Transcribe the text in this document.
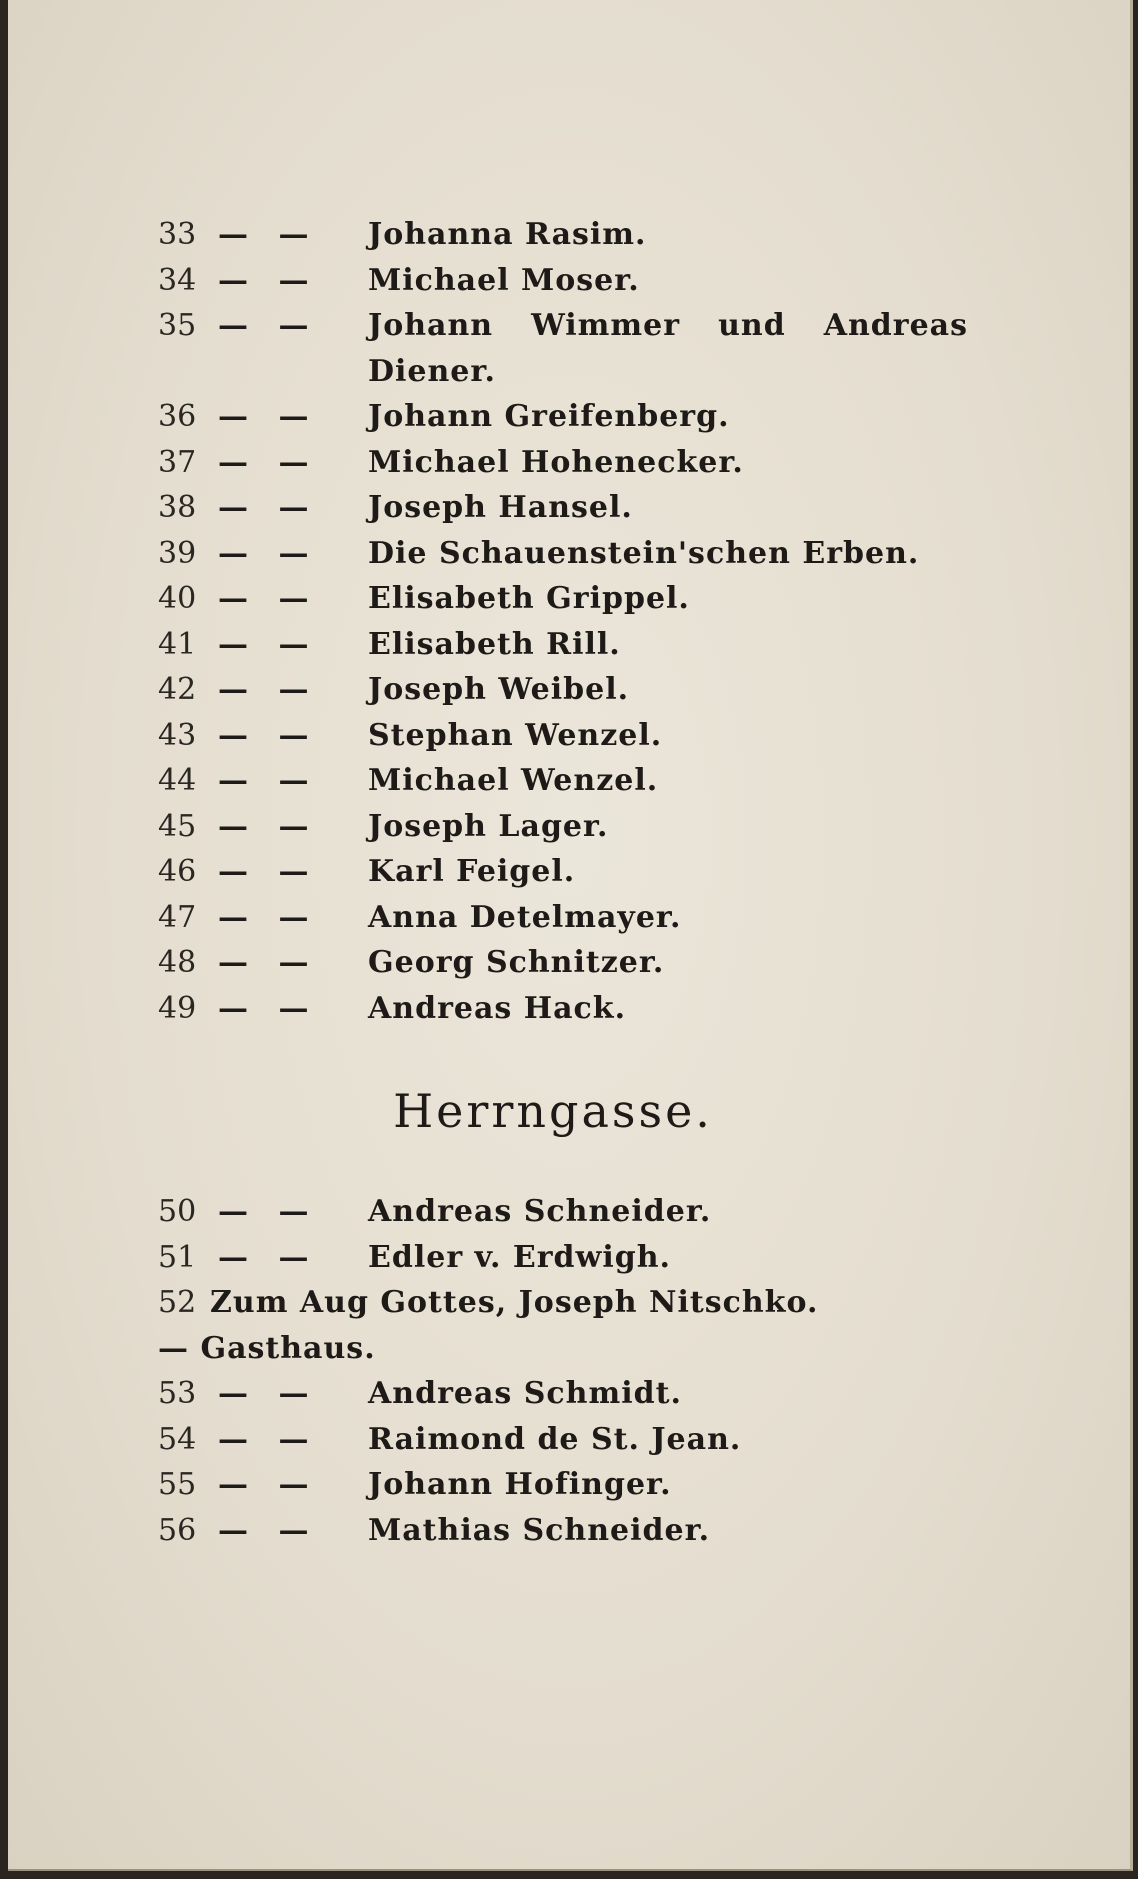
33 — — Johanna Rasim.
34 — — Michael Moser.
35 — — Johann Wimmer und Andreas
Diener.
36 — — Johann Greifenberg.
37 — — Michael Hohenecker.
38 — — Joseph Hansel.
39 — — Die Schauenstein'schen Erben.
40 — — Elisabeth Grippel.
41 — — Elisabeth Rill.
42 — — Joseph Weibel.
43 — — Stephan Wenzel.
44 — — Michael Wenzel.
45 — — Joseph Lager.
46 — — Karl Feigel.
47 — — Anna Detelmayer.
48 — — Georg Schnitzer.
49 — — Andreas Hack.
Herrngasse.
50 — — Andreas Schneider.
51 — — Edler v. Erdwigh.
52 Zum Aug Gottes, Joseph Nitschko.
— Gasthaus.
53 — — Andreas Schmidt.
54 — — Raimond de St. Jean.
55 — — Johann Hofinger.
56 — — Mathias Schneider.
